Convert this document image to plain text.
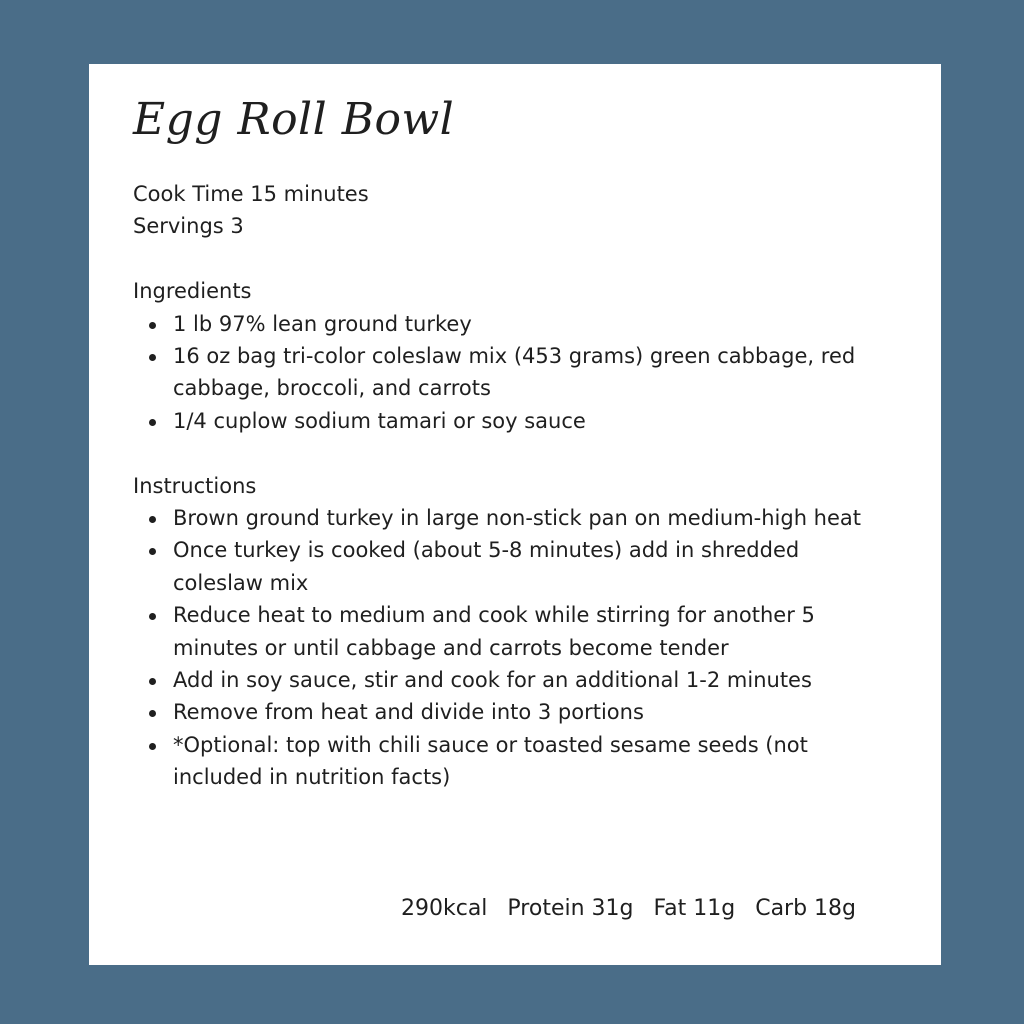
Egg Roll Bowl

Cook Time 15 minutes

Servings 3

Ingredients

1 lb 97% lean ground turkey
16 oz bag tri-color coleslaw mix (453 grams) green cabbage, red cabbage, broccoli, and carrots
1/4 cuplow sodium tamari or soy sauce

Instructions

Brown ground turkey in large non-stick pan on medium-high heat
Once turkey is cooked (about 5-8 minutes) add in shredded coleslaw mix
Reduce heat to medium and cook while stirring for another 5 minutes or until cabbage and carrots become tender
Add in soy sauce, stir and cook for an additional 1-2 minutes
Remove from heat and divide into 3 portions
*Optional: top with chili sauce or toasted sesame seeds (not included in nutrition facts)
290kcal Protein 31g Fat 11g Carb 18g
